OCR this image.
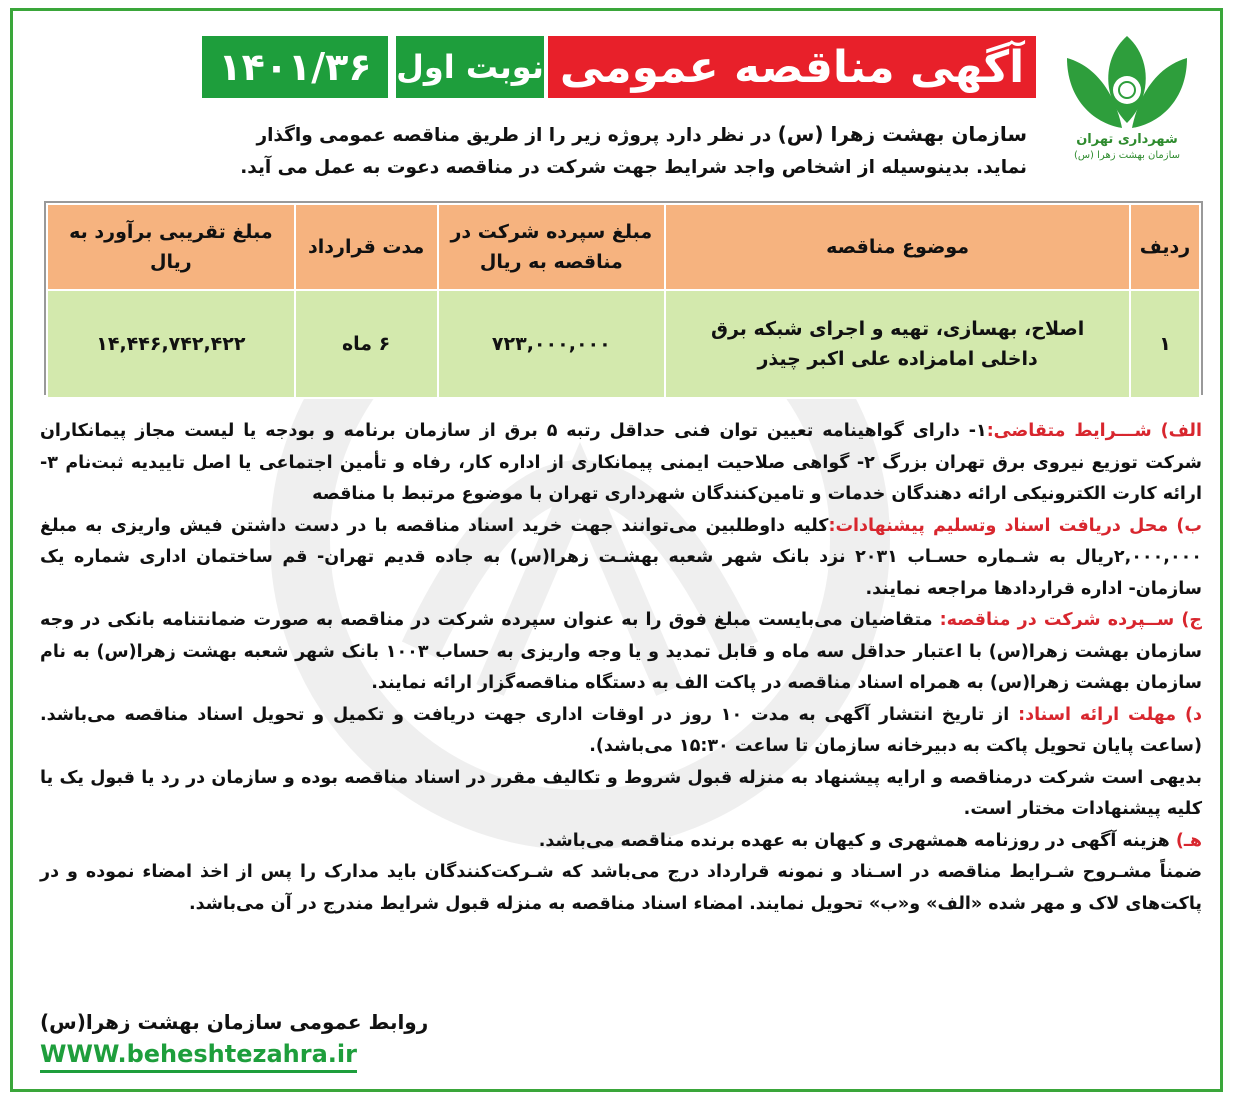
شهرداری تهران
سازمان بهشت زهرا (س)
آگهی مناقصه عمومی
نوبت اول
۱۴۰۱/۳۶
سازمان بهشت زهرا (س) در نظر دارد پروژه زیر را از طریق مناقصه عمومی واگذار نماید. بدینوسیله از اشخاص واجد شرایط جهت شرکت در مناقصه دعوت به عمل می آید.
ردیف	موضوع مناقصه	مبلغ سپرده شرکت در مناقصه به ریال	مدت قرارداد	مبلغ تقریبی برآورد به ریال
۱	اصلاح، بهسازی، تهیه و اجرای شبکه برق داخلی امامزاده علی اکبر چیذر	۷۲۳,۰۰۰,۰۰۰	۶ ماه	۱۴,۴۴۶,۷۴۲,۴۲۲

الف) شـــرایط متقاضی:۱- دارای گواهینامه تعیین توان فنی حداقل رتبه ۵ برق از سازمان برنامه و بودجه یا لیست مجاز پیمانکاران شرکت توزیع نیروی برق تهران بزرگ ۲- گواهی صلاحیت ایمنی پیمانکاری از اداره کار، رفاه و تأمین اجتماعی یا اصل تاییدیه ثبت‌نام ۳- ارائه کارت الکترونیکی ارائه دهندگان خدمات و تامین‌کنندگان شهرداری تهران با موضوع مرتبط با مناقصه

ب) محل دریافت اسناد وتسلیم پیشنهادات:کلیه داوطلبین می‌توانند جهت خرید اسناد مناقصه با در دست داشتن فیش واریزی به مبلغ ۲,۰۰۰,۰۰۰ریال به شـماره حسـاب ۲۰۳۱ نزد بانک شهر شعبه بهشـت زهرا(س) به جاده قدیم تهران- قم ساختمان اداری شماره یک سازمان- اداره قراردادها مراجعه نمایند.

ج) ســپرده شرکت در مناقصه: متقاضیان می‌بایست مبلغ فوق را به عنوان سپرده شرکت در مناقصه به صورت ضمانتنامه بانکی در وجه سازمان بهشت زهرا(س) با اعتبار حداقل سه ماه و قابل تمدید و یا وجه واریزی به حساب ۱۰۰۳ بانک شهر شعبه بهشت زهرا(س) به نام سازمان بهشت زهرا(س) به همراه اسناد مناقصه در پاکت الف به دستگاه مناقصه‌گزار ارائه نمایند.

د) مهلت ارائه اسناد: از تاریخ انتشار آگهی به مدت ۱۰ روز در اوقات اداری جهت دریافت و تکمیل و تحویل اسناد مناقصه می‌باشد. (ساعت پایان تحویل پاکت به دبیرخانه سازمان تا ساعت ۱۵:۳۰ می‌باشد).

بدیهی است شرکت درمناقصه و ارایه پیشنهاد به منزله قبول شروط و تکالیف مقرر در اسناد مناقصه بوده و سازمان در رد یا قبول یک یا کلیه پیشنهادات مختار است.

هـ) هزینه آگهی در روزنامه همشهری و کیهان به عهده برنده مناقصه می‌باشد.

ضمناً مشـروح شـرایط مناقصه در اسـناد و نمونه قرارداد درج می‌باشد که شـرکت‌کنندگان باید مدارک را پس از اخذ امضاء نموده و در پاکت‌های لاک و مهر شده «الف» و«ب» تحویل نمایند. امضاء اسناد مناقصه به منزله قبول شرایط مندرج در آن می‌باشد.

روابط عمومی سازمان بهشت زهرا(س)
WWW.beheshtezahra.ir
